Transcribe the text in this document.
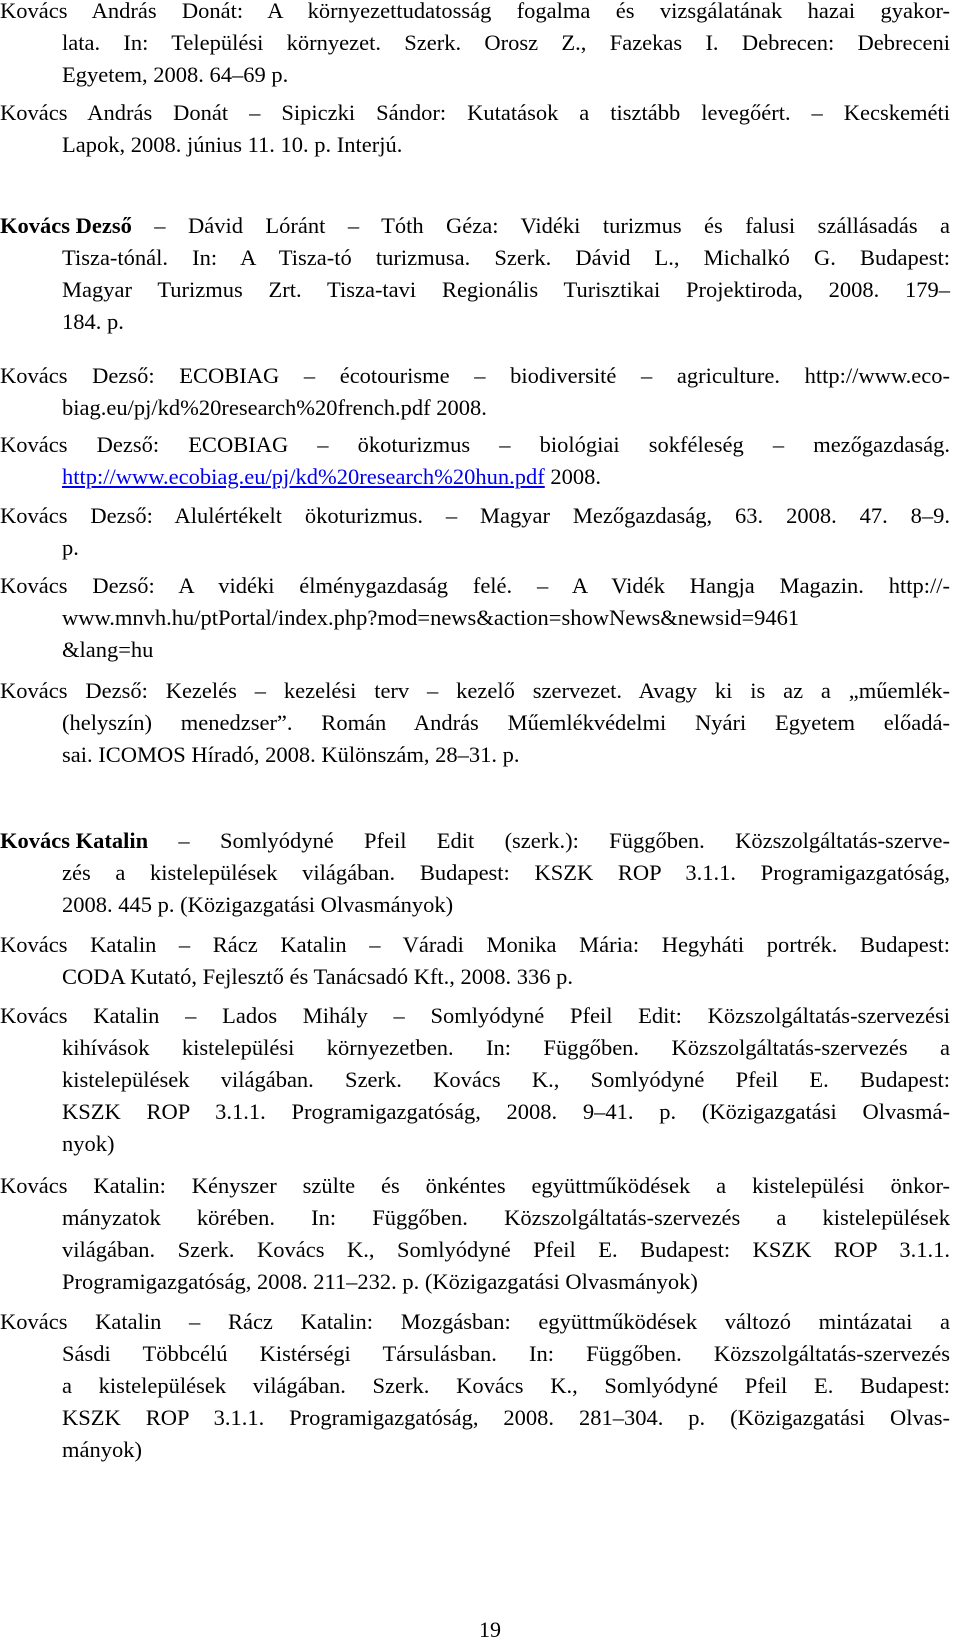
Kovács András Donát: A környezettudatosság fogalma és vizsgálatának hazai gyakor-
lata. In: Települési környezet. Szerk. Orosz Z., Fazekas I. Debrecen: Debreceni
Egyetem, 2008. 64–69 p.
Kovács András Donát – Sipiczki Sándor: Kutatások a tisztább levegőért. – Kecskeméti
Lapok, 2008. június 11. 10. p. Interjú.
Kovács Dezső – Dávid Lóránt – Tóth Géza: Vidéki turizmus és falusi szállásadás a
Tisza-tónál. In: A Tisza-tó turizmusa. Szerk. Dávid L., Michalkó G. Budapest:
Magyar Turizmus Zrt. Tisza-tavi Regionális Turisztikai Projektiroda, 2008. 179–
184. p.
Kovács Dezső: ECOBIAG – écotourisme – biodiversité – agriculture. http://www.eco-
biag.eu/pj/kd%20research%20french.pdf 2008.
Kovács Dezső: ECOBIAG – ökoturizmus – biológiai sokféleség – mezőgazdaság.
http://www.ecobiag.eu/pj/kd%20research%20hun.pdf 2008.
Kovács Dezső: Alulértékelt ökoturizmus. – Magyar Mezőgazdaság, 63. 2008. 47. 8–9.
p.
Kovács Dezső: A vidéki élménygazdaság felé. – A Vidék Hangja Magazin. http://-
www.mnvh.hu/ptPortal/index.php?mod=news&action=showNews&newsid=9461
&lang=hu
Kovács Dezső: Kezelés – kezelési terv – kezelő szervezet. Avagy ki is az a „műemlék-
(helyszín) menedzser”. Román András Műemlékvédelmi Nyári Egyetem előadá-
sai. ICOMOS Híradó, 2008. Különszám, 28–31. p.
Kovács Katalin – Somlyódyné Pfeil Edit (szerk.): Függőben. Közszolgáltatás-szerve-
zés a kistelepülések világában. Budapest: KSZK ROP 3.1.1. Programigazgatóság,
2008. 445 p. (Közigazgatási Olvasmányok)
Kovács Katalin – Rácz Katalin – Váradi Monika Mária: Hegyháti portrék. Budapest:
CODA Kutató, Fejlesztő és Tanácsadó Kft., 2008. 336 p.
Kovács Katalin – Lados Mihály – Somlyódyné Pfeil Edit: Közszolgáltatás-szervezési
kihívások kistelepülési környezetben. In: Függőben. Közszolgáltatás-szervezés a
kistelepülések világában. Szerk. Kovács K., Somlyódyné Pfeil E. Budapest:
KSZK ROP 3.1.1. Programigazgatóság, 2008. 9–41. p. (Közigazgatási Olvasmá-
nyok)
Kovács Katalin: Kényszer szülte és önkéntes együttműködések a kistelepülési önkor-
mányzatok körében. In: Függőben. Közszolgáltatás-szervezés a kistelepülések
világában. Szerk. Kovács K., Somlyódyné Pfeil E. Budapest: KSZK ROP 3.1.1.
Programigazgatóság, 2008. 211–232. p. (Közigazgatási Olvasmányok)
Kovács Katalin – Rácz Katalin: Mozgásban: együttműködések változó mintázatai a
Sásdi Többcélú Kistérségi Társulásban. In: Függőben. Közszolgáltatás-szervezés
a kistelepülések világában. Szerk. Kovács K., Somlyódyné Pfeil E. Budapest:
KSZK ROP 3.1.1. Programigazgatóság, 2008. 281–304. p. (Közigazgatási Olvas-
mányok)
19
